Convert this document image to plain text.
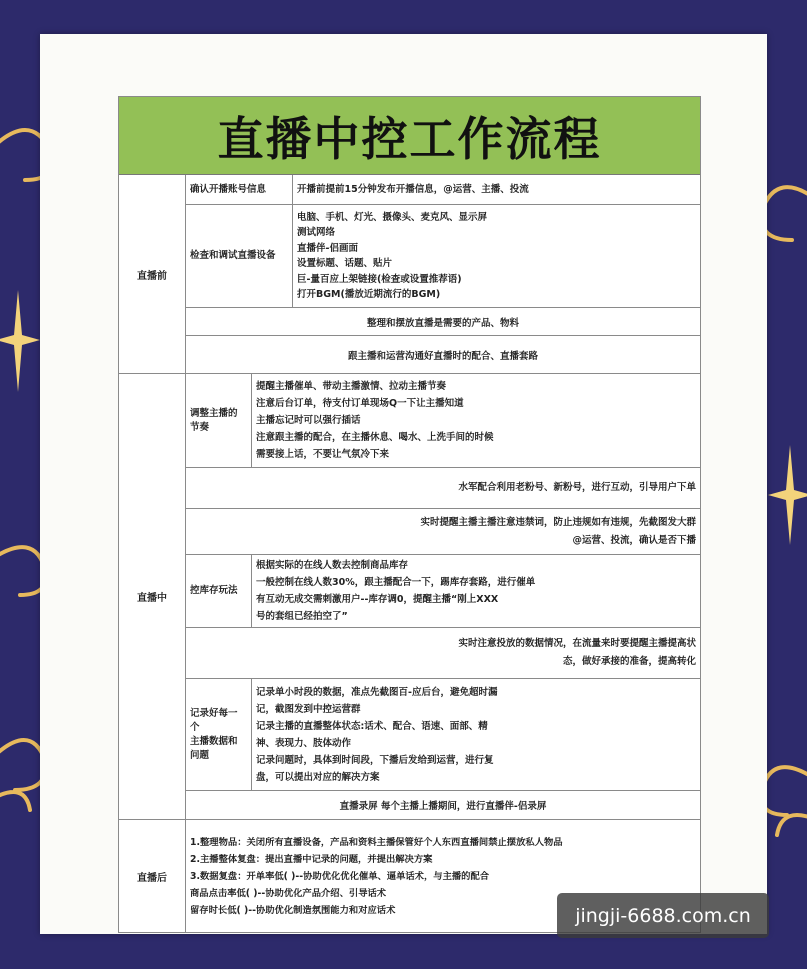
直播中控工作流程
直播前
确认开播账号信息	开播前提前15分钟发布开播信息，@运营、主播、投流
检查和调试直播设备
电脑、手机、灯光、摄像头、麦克风、显示屏
测试网络
直播伴-侣画面
设置标题、话题、贴片
巨-量百应上架链接(检查或设置推荐语)
打开BGM(播放近期流行的BGM)
整理和摆放直播是需要的产品、物料
跟主播和运营沟通好直播时的配合、直播套路
直播中
调整主播的
节奏
提醒主播催单、带动主播激情、拉动主播节奏
注意后台订单，待支付订单现场Q一下让主播知道
主播忘记时可以强行插话
注意跟主播的配合，在主播休息、喝水、上洗手间的时候
需要接上话，不要让气氛冷下来
水军配合利用老粉号、新粉号，进行互动，引导用户下单
实时提醒主播主播注意违禁词，防止违规如有违规，先截图发大群
@运营、投流，确认是否下播
控库存玩法
根据实际的在线人数去控制商品库存
一般控制在线人数30%，跟主播配合一下，踢库存套路，进行催单
有互动无成交需刺激用户--库存调0，提醒主播“刚上XXX
号的套组已经拍空了”
实时注意投放的数据情况，在流量来时要提醒主播提高状
态，做好承接的准备，提高转化
记录好每一
个
主播数据和
问题
记录单小时段的数据，准点先截图百-应后台，避免超时漏
记，截图发到中控运营群
记录主播的直播整体状态:话术、配合、语速、面部、精
神、表现力、肢体动作
记录问题时，具体到时间段，下播后发给到运营，进行复
盘，可以提出对应的解决方案
直播录屏 每个主播上播期间，进行直播伴-侣录屏
直播后
1.整理物品：关闭所有直播设备，产品和资料主播保管好个人东西直播间禁止摆放私人物品
2.主播整体复盘：提出直播中记录的问题，并提出解决方案
3.数据复盘：开单率低( )--协助优化优化催单、逼单话术，与主播的配合
商品点击率低( )--协助优化产品介绍、引导话术
留存时长低( )--协助优化制造氛围能力和对应话术	jingji-6688.com.cn
